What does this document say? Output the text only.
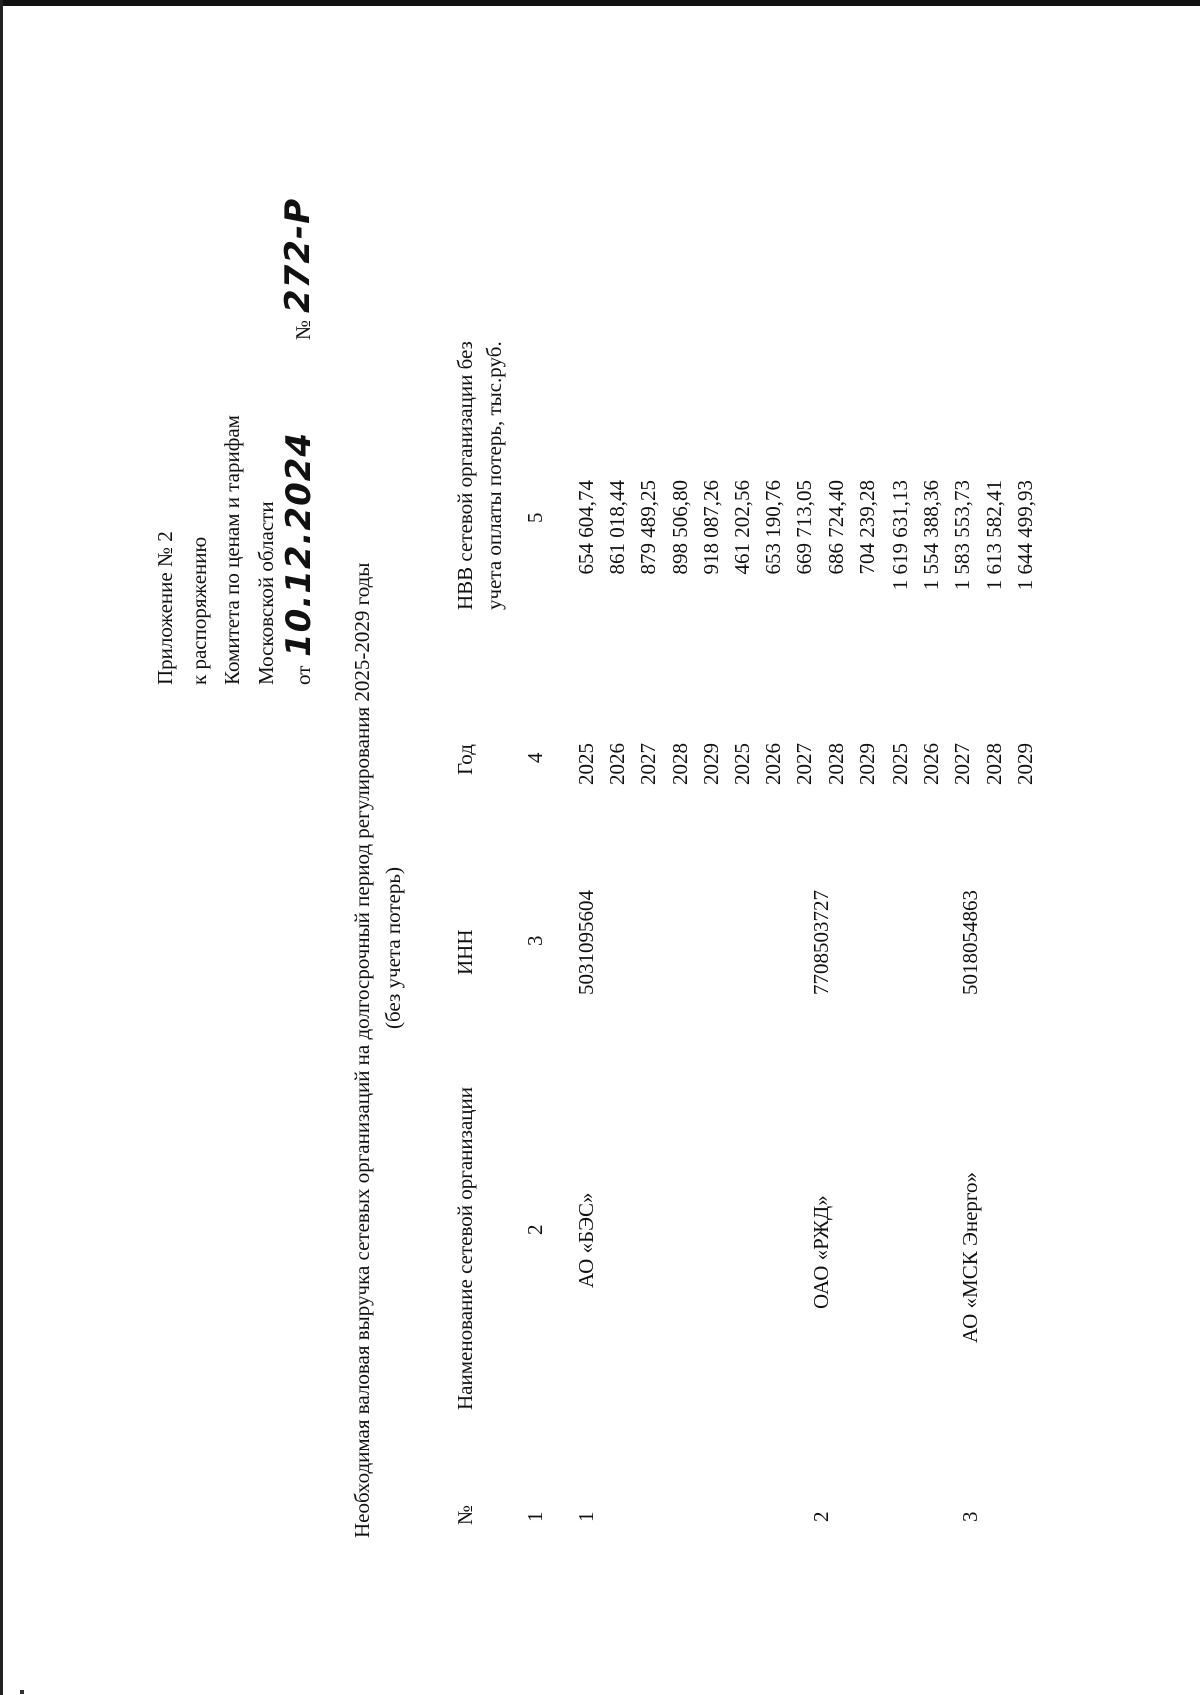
Приложение № 2 к распоряжению Комитета по ценам и тарифам Московской области от
10.12.2024
№
272-Р
Необходимая валовая выручка сетевых организаций на долгосрочный период регулирования 2025-2029 годы (без учета потерь)
№
Наименование сетевой организации
ИНН
Год
НВВ сетевой организации без учета оплаты потерь, тыс.руб.
1
2
3
4
5
1
АО «БЭС»
5031095604
2
ОАО «РЖД»
7708503727
3
АО «МСК Энерго»
5018054863
2025
654 604,74
2026
861 018,44
2027
879 489,25
2028
898 506,80
2029
918 087,26
2025
461 202,56
2026
653 190,76
2027
669 713,05
2028
686 724,40
2029
704 239,28
2025
1 619 631,13
2026
1 554 388,36
2027
1 583 553,73
2028
1 613 582,41
2029
1 644 499,93
